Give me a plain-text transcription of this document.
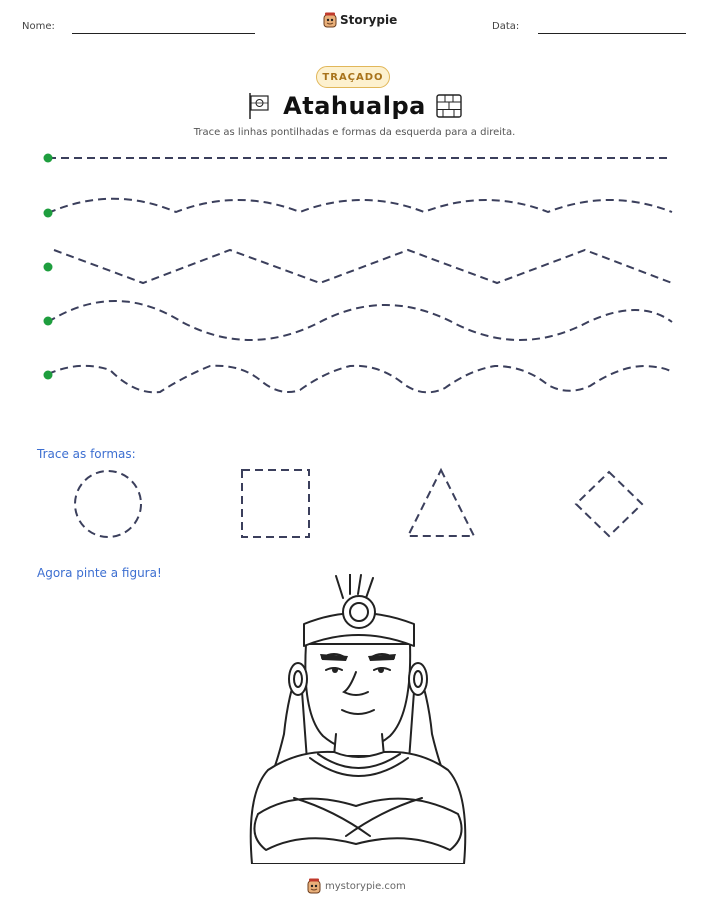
Nome:	Storypie	Data:
TRAÇADO
Atahualpa
Trace as linhas pontilhadas e formas da esquerda para a direita.
Trace as formas:
Agora pinte a figura!
mystorypie.com
